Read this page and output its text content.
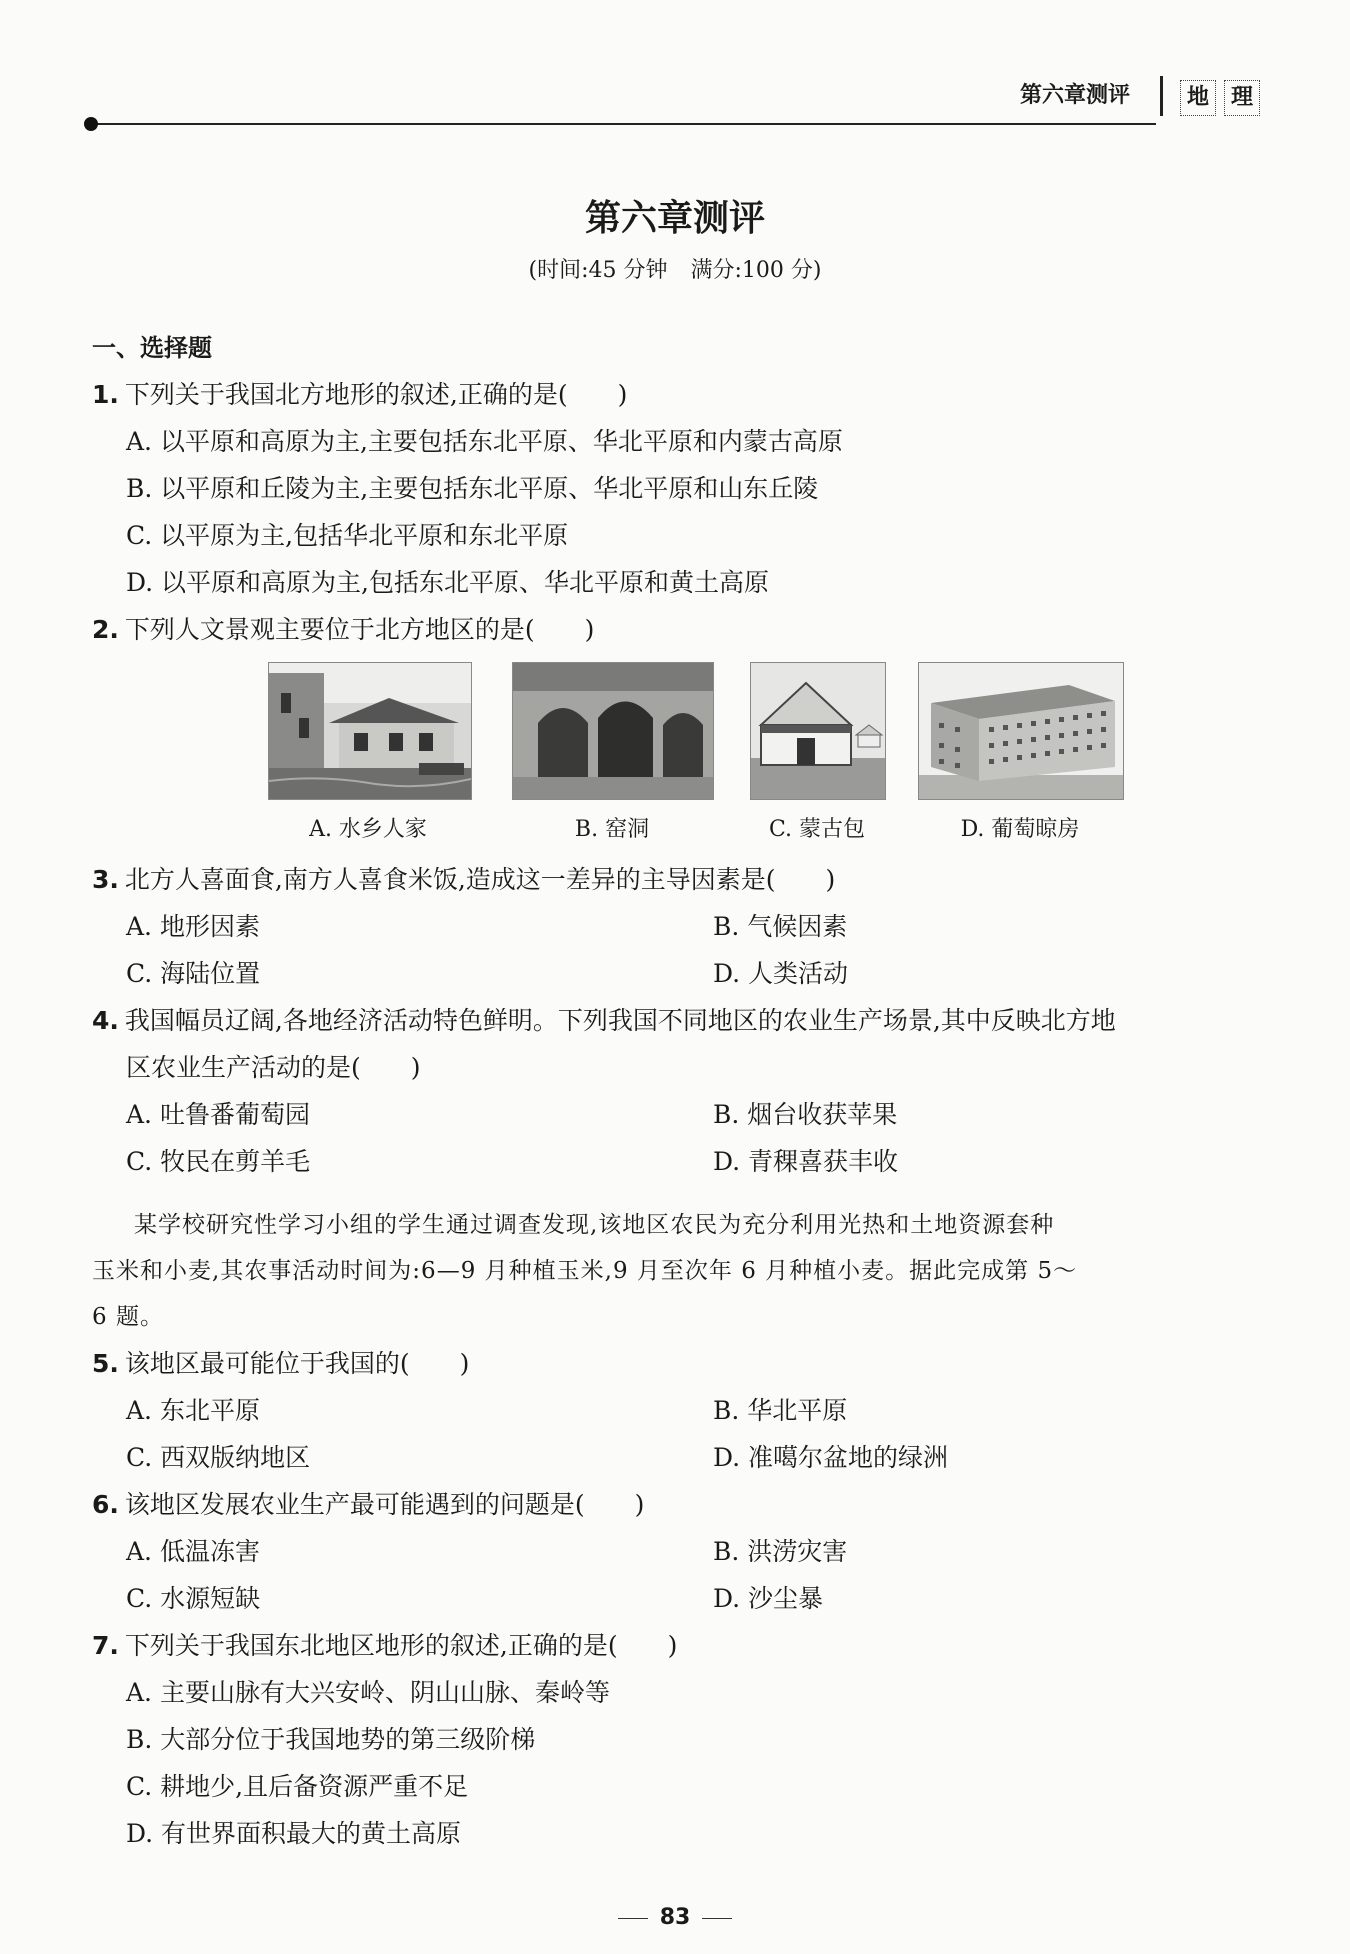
第六章测评	地 理
第六章测评
(时间:45 分钟 满分:100 分)
一、选择题
1. 下列关于我国北方地形的叙述,正确的是(　　)
A. 以平原和高原为主,主要包括东北平原、华北平原和内蒙古高原
B. 以平原和丘陵为主,主要包括东北平原、华北平原和山东丘陵
C. 以平原为主,包括华北平原和东北平原
D. 以平原和高原为主,包括东北平原、华北平原和黄土高原
2. 下列人文景观主要位于北方地区的是(　　)
A. 水乡人家	B. 窑洞	C. 蒙古包	D. 葡萄晾房
3. 北方人喜面食,南方人喜食米饭,造成这一差异的主导因素是(　　)
A. 地形因素	B. 气候因素
C. 海陆位置	D. 人类活动
4. 我国幅员辽阔,各地经济活动特色鲜明。下列我国不同地区的农业生产场景,其中反映北方地
区农业生产活动的是(　　)
A. 吐鲁番葡萄园	B. 烟台收获苹果
C. 牧民在剪羊毛	D. 青稞喜获丰收
某学校研究性学习小组的学生通过调查发现,该地区农民为充分利用光热和土地资源套种
玉米和小麦,其农事活动时间为:6—9 月种植玉米,9 月至次年 6 月种植小麦。据此完成第 5～
6 题。
5. 该地区最可能位于我国的(　　)
A. 东北平原	B. 华北平原
C. 西双版纳地区	D. 准噶尔盆地的绿洲
6. 该地区发展农业生产最可能遇到的问题是(　　)
A. 低温冻害	B. 洪涝灾害
C. 水源短缺	D. 沙尘暴
7. 下列关于我国东北地区地形的叙述,正确的是(　　)
A. 主要山脉有大兴安岭、阴山山脉、秦岭等
B. 大部分位于我国地势的第三级阶梯
C. 耕地少,且后备资源严重不足
D. 有世界面积最大的黄土高原
83
